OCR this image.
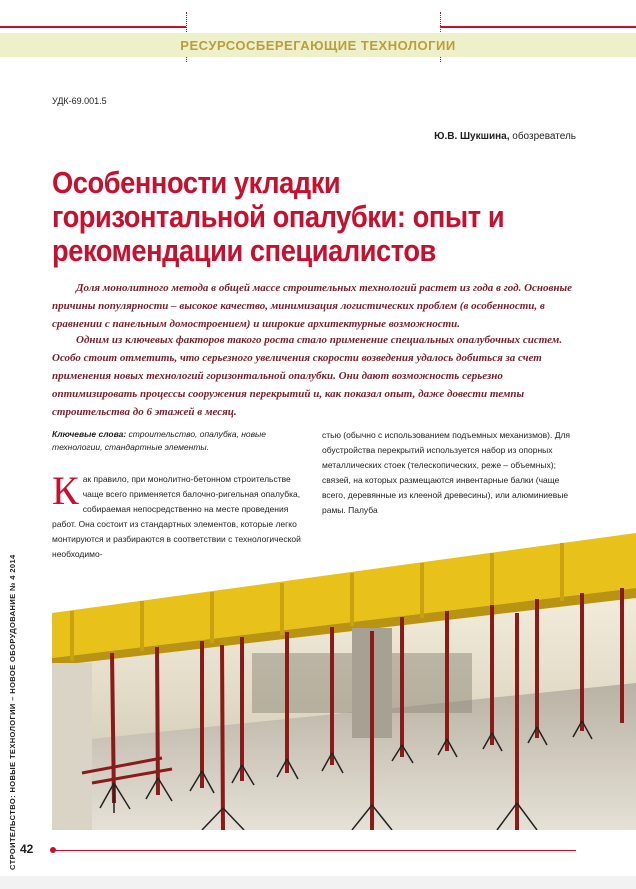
РЕСУРСОСБЕРЕГАЮЩИЕ ТЕХНОЛОГИИ
УДК-69.001.5
Ю.В. Шукшина, обозреватель
Особенности укладки горизонтальной опалубки: опыт и рекомендации специалистов

Доля монолитного метода в общей массе строительных технологий растет из года в год. Основные причины популярности – высокое качество, минимизация логистических проблем (в особенности, в сравнении с панельным домостроением) и широкие архитектурные возможности.

Одним из ключевых факторов такого роста стало применение специальных опалубочных систем. Особо стоит отметить, что серьезного увеличения скорости возведения удалось добиться за счет применения новых технологий горизонтальной опалубки. Они дают возможность серьезно оптимизировать процессы сооружения перекрытий и, как показал опыт, даже довести темпы строительства до 6 этажей в месяц.

Ключевые слова: строительство, опалубка, новые технологии, стандартные элементы.
Как правило, при монолитно-бетонном строительстве чаще всего применяется балочно-ригельная опалубка, собираемая непосредственно на месте проведения работ. Она состоит из стандартных элементов, которые легко монтируются и разбираются в соответствии с технологической необходимо-
стью (обычно с использованием подъемных механизмов). Для обустройства перекрытий используется набор из опорных металлических стоек (телескопических, реже – объемных); связей, на которых размещаются инвентарные балки (чаще всего, деревянные из клееной древесины), или алюминиевые рамы. Палуба
СТРОИТЕЛЬСТВО: НОВЫЕ ТЕХНОЛОГИИ – НОВОЕ ОБОРУДОВАНИЕ № 4 2014 42
